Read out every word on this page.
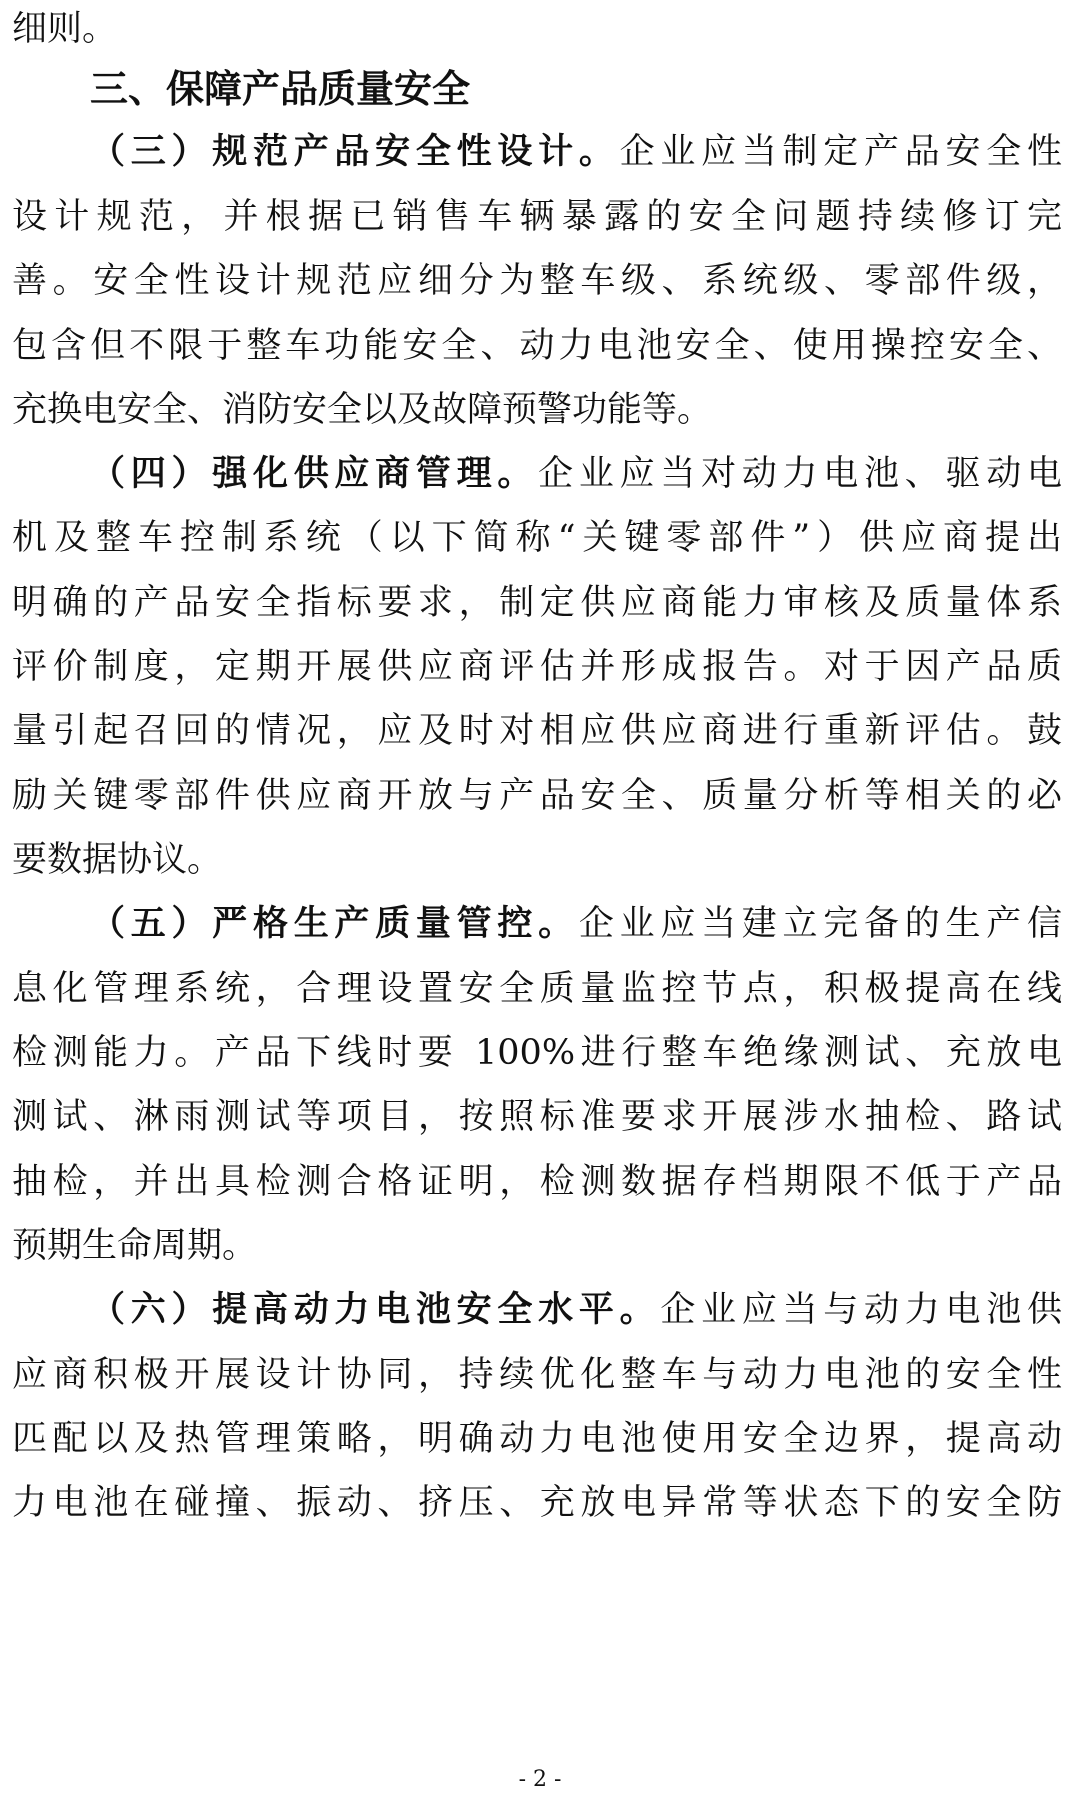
细则。
三、保障产品质量安全
（三）规范产品安全性设计。企业应当制定产品安全性
设计规范，并根据已销售车辆暴露的安全问题持续修订完
善。安全性设计规范应细分为整车级、系统级、零部件级，
包含但不限于整车功能安全、动力电池安全、使用操控安全、
充换电安全、消防安全以及故障预警功能等。
（四）强化供应商管理。企业应当对动力电池、驱动电
机及整车控制系统（以下简称“关键零部件”）供应商提出
明确的产品安全指标要求，制定供应商能力审核及质量体系
评价制度，定期开展供应商评估并形成报告。对于因产品质
量引起召回的情况，应及时对相应供应商进行重新评估。鼓
励关键零部件供应商开放与产品安全、质量分析等相关的必
要数据协议。
（五）严格生产质量管控。企业应当建立完备的生产信
息化管理系统，合理设置安全质量监控节点，积极提高在线
检测能力。产品下线时要 100%进行整车绝缘测试、充放电
测试、淋雨测试等项目，按照标准要求开展涉水抽检、路试
抽检，并出具检测合格证明，检测数据存档期限不低于产品
预期生命周期。
（六）提高动力电池安全水平。企业应当与动力电池供
应商积极开展设计协同，持续优化整车与动力电池的安全性
匹配以及热管理策略，明确动力电池使用安全边界，提高动
力电池在碰撞、振动、挤压、充放电异常等状态下的安全防
- 2 -
